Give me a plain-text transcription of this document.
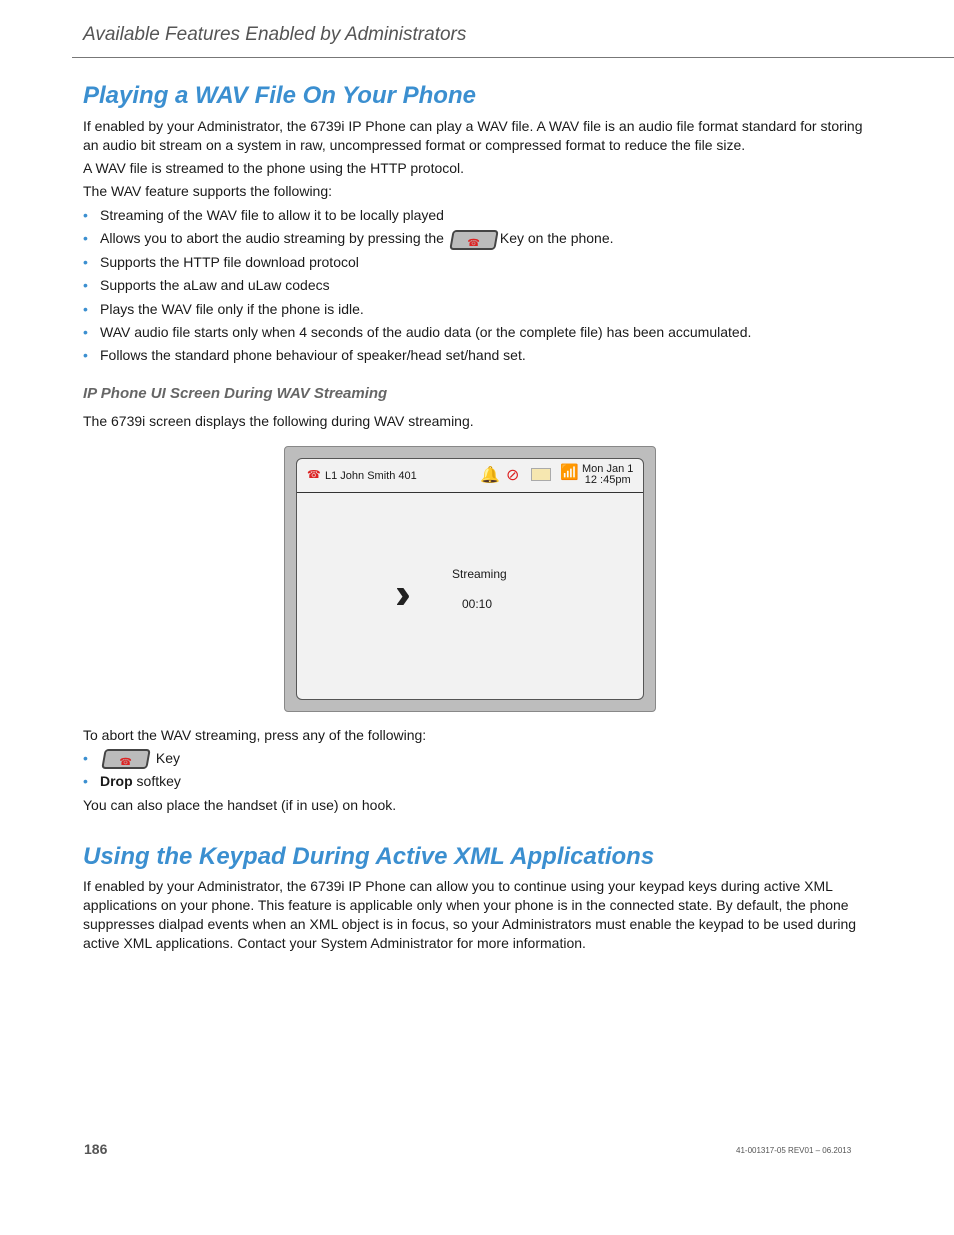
Available Features Enabled by Administrators
Playing a WAV File On Your Phone
If enabled by your Administrator, the 6739i IP Phone can play a WAV file. A WAV file is an audio file format standard for storing an audio bit stream on a system in raw, uncompressed format or compressed format to reduce the file size.
A WAV file is streamed to the phone using the HTTP protocol.
The WAV feature supports the following:
• Streaming of the WAV file to allow it to be locally played
• Allows you to abort the audio streaming by pressing the ☎ Key on the phone.
• Supports the HTTP file download protocol
• Supports the aLaw and uLaw codecs
• Plays the WAV file only if the phone is idle.
• WAV audio file starts only when 4 seconds of the audio data (or the complete file) has been accumulated.
• Follows the standard phone behaviour of speaker/head set/hand set.
IP Phone UI Screen During WAV Streaming
The 6739i screen displays the following during WAV streaming.
☎ L1 John Smith 401	🔔 ⊘	📶 Mon Jan 1
12 :45pm
›››	Streaming
00:10
To abort the WAV streaming, press any of the following:
• ☎ Key
• Drop softkey
You can also place the handset (if in use) on hook.
Using the Keypad During Active XML Applications
If enabled by your Administrator, the 6739i IP Phone can allow you to continue using your keypad keys during active XML applications on your phone. This feature is applicable only when your phone is in the connected state. By default, the phone suppresses dialpad events when an XML object is in focus, so your Administrators must enable the keypad to be used during active XML applications. Contact your System Administrator for more information.
186	41-001317-05 REV01 – 06.2013
